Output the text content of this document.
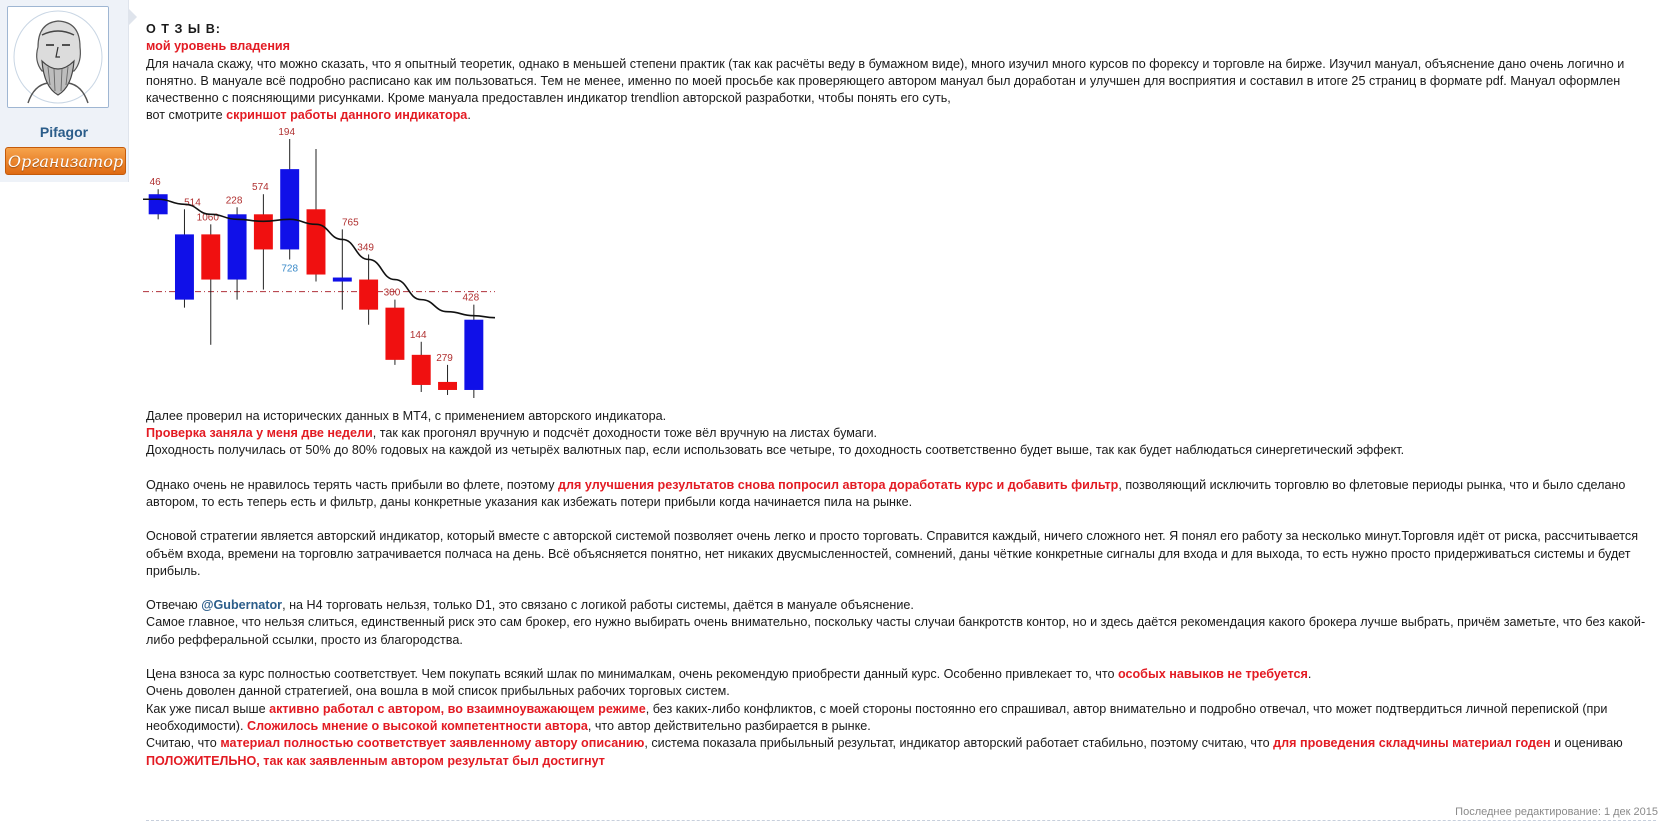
Pifagor
Организатор

О Т З Ы В:

мой уровень владения

Для начала скажу, что можно сказать, что я опытный теоретик, однако в меньшей степени практик (так как расчёты веду в бумажном виде), много изучил много курсов по форексу и торговле на бирже. Изучил мануал, объяснение дано очень логично и понятно. В мануале всё подробно расписано как им пользоваться. Тем не менее, именно по моей просьбе как проверяющего автором мануал был доработан и улучшен для восприятия и составил в итоге 25 страниц в формате pdf. Мануал оформлен качественно с поясняющими рисунками. Кроме мануала предоставлен индикатор trendlion авторской разработки, чтобы понять его суть,

вот смотрите скриншот работы данного индикатора.

46
1060
228
574
194
349
300
144
279
428
514
728
765

Далее проверил на исторических данных в MT4, с применением авторского индикатора.

Проверка заняла у меня две недели, так как прогонял вручную и подсчёт доходности тоже вёл вручную на листах бумаги.

Доходность получилась от 50% до 80% годовых на каждой из четырёх валютных пар, если использовать все четыре, то доходность соответственно будет выше, так как будет наблюдаться синергетический эффект.

Однако очень не нравилось терять часть прибыли во флете, поэтому для улучшения результатов снова попросил автора доработать курс и добавить фильтр, позволяющий исключить торговлю во флетовые периоды рынка, что и было сделано автором, то есть теперь есть и фильтр, даны конкретные указания как избежать потери прибыли когда начинается пила на рынке.

Основой стратегии является авторский индикатор, который вместе с авторской системой позволяет очень легко и просто торговать. Справится каждый, ничего сложного нет. Я понял его работу за несколько минут.Торговля идёт от риска, рассчитывается объём входа, времени на торговлю затрачивается полчаса на день. Всё объясняется понятно, нет никаких двусмысленностей, сомнений, даны чёткие конкретные сигналы для входа и для выхода, то есть нужно просто придерживаться системы и будет прибыль.

Отвечаю @Gubernator, на H4 торговать нельзя, только D1, это связано с логикой работы системы, даётся в мануале объяснение.

Самое главное, что нельзя слиться, единственный риск это сам брокер, его нужно выбирать очень внимательно, поскольку часты случаи банкротств контор, но и здесь даётся рекомендация какого брокера лучше выбрать, причём заметьте, что без какой-либо рефферальной ссылки, просто из благородства.

Цена взноса за курс полностью соответствует. Чем покупать всякий шлак по минималкам, очень рекомендую приобрести данный курс. Особенно привлекает то, что особых навыков не требуется.

Очень доволен данной стратегией, она вошла в мой список прибыльных рабочих торговых систем.

Как уже писал выше активно работал с автором, во взаимноуважающем режиме, без каких-либо конфликтов, с моей стороны постоянно его спрашивал, автор внимательно и подробно отвечал, что может подтвердиться личной перепиской (при необходимости). Сложилось мнение о высокой компетентности автора, что автор действительно разбирается в рынке.

Считаю, что материал полностью соответствует заявленному автору описанию, система показала прибыльный результат, индикатор авторский работает стабильно, поэтому считаю, что для проведения складчины материал годен и оцениваю ПОЛОЖИТЕЛЬНО, так как заявленным автором результат был достигнут

Последнее редактирование: 1 дек 2015
